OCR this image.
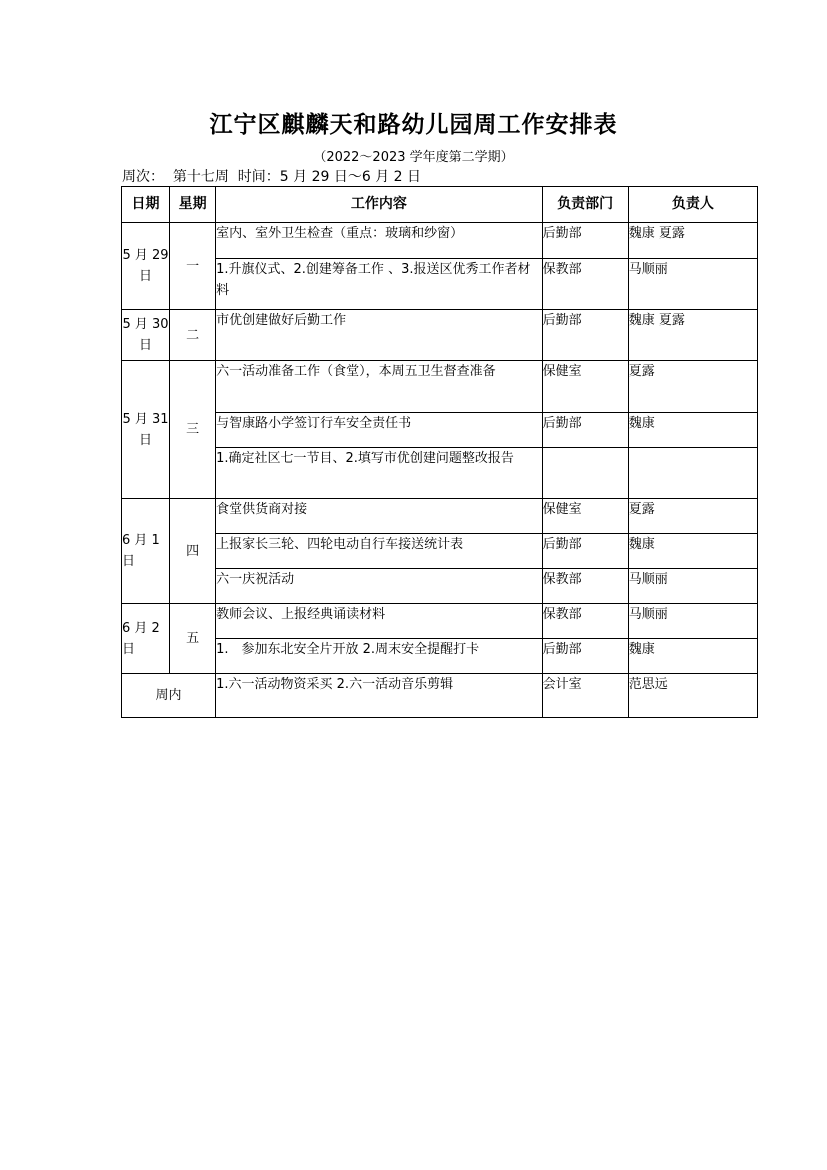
江宁区麒麟天和路幼儿园周工作安排表
（2022～2023 学年度第二学期）
周次：  第十七周  时间：5 月 29 日～6 月 2 日
日期	星期	工作内容	负责部门	负责人
5 月 29 日	一	室内、室外卫生检查（重点：玻璃和纱窗）	后勤部	魏康 夏露
		1.升旗仪式、2.创建筹备工作 、3.报送区优秀工作者材料	保教部	马顺丽
5 月 30 日	二	市优创建做好后勤工作	后勤部	魏康 夏露
5 月 31 日	三	六一活动准备工作（食堂），本周五卫生督查准备	保健室	夏露
		与智康路小学签订行车安全责任书	后勤部	魏康
		1.确定社区七一节目、2.填写市优创建问题整改报告		
6 月 1 日	四	食堂供货商对接	保健室	夏露
		上报家长三轮、四轮电动自行车接送统计表	后勤部	魏康
		六一庆祝活动	保教部	马顺丽
6 月 2 日	五	教师会议、上报经典诵读材料	保教部	马顺丽
		1.　参加东北安全片开放 2.周末安全提醒打卡	后勤部	魏康
周内		1.六一活动物资采买 2.六一活动音乐剪辑	会计室	范思远
